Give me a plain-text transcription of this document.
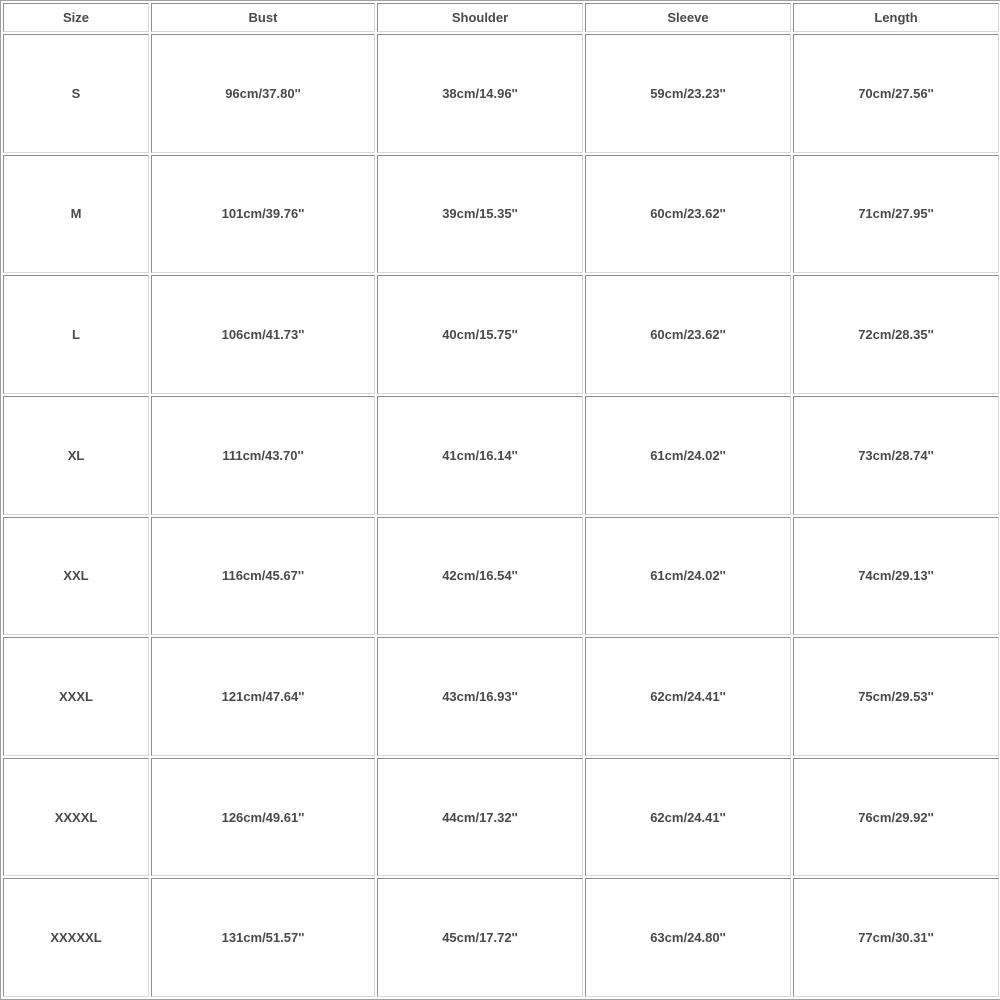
Size	Bust	Shoulder	Sleeve	Length
S	96cm/37.80''	38cm/14.96''	59cm/23.23''	70cm/27.56''
M	101cm/39.76''	39cm/15.35''	60cm/23.62''	71cm/27.95''
L	106cm/41.73''	40cm/15.75''	60cm/23.62''	72cm/28.35''
XL	111cm/43.70''	41cm/16.14''	61cm/24.02''	73cm/28.74''
XXL	116cm/45.67''	42cm/16.54''	61cm/24.02''	74cm/29.13''
XXXL	121cm/47.64''	43cm/16.93''	62cm/24.41''	75cm/29.53''
XXXXL	126cm/49.61''	44cm/17.32''	62cm/24.41''	76cm/29.92''
XXXXXL	131cm/51.57''	45cm/17.72''	63cm/24.80''	77cm/30.31''
